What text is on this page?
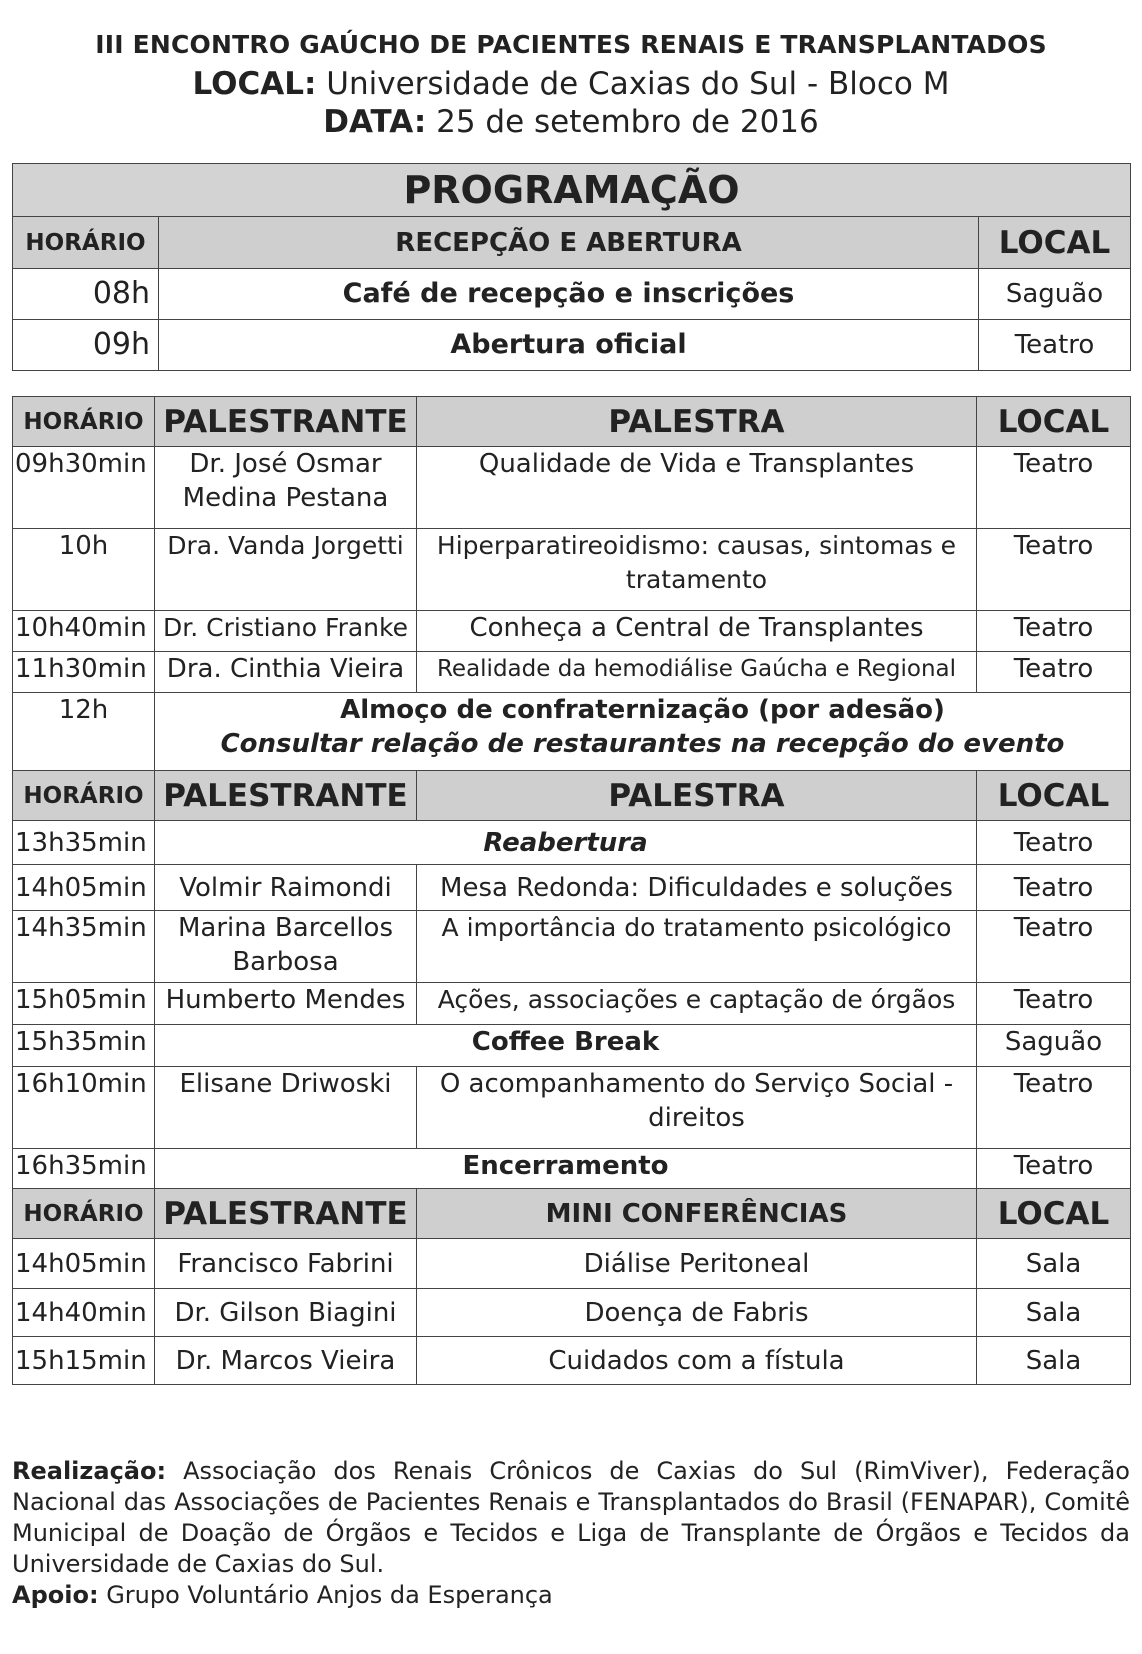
III ENCONTRO GAÚCHO DE PACIENTES RENAIS E TRANSPLANTADOS
LOCAL: Universidade de Caxias do Sul - Bloco M
DATA: 25 de setembro de 2016
PROGRAMAÇÃO		
HORÁRIO	RECEPÇÃO E ABERTURA	LOCAL
08h	Café de recepção e inscrições	Saguão
09h	Abertura oficial	Teatro
HORÁRIO	PALESTRANTE	PALESTRA	LOCAL
09h30min	Dr. José Osmar Medina Pestana	Qualidade de Vida e Transplantes	Teatro
10h	Dra. Vanda Jorgetti	Hiperparatireoidismo: causas, sintomas e tratamento	Teatro
10h40min	Dr. Cristiano Franke	Conheça a Central de Transplantes	Teatro
11h30min	Dra. Cinthia Vieira	Realidade da hemodiálise Gaúcha e Regional	Teatro
12h	Almoço de confraternização (por adesão)
Consultar relação de restaurantes na recepção do evento		

HORÁRIO	PALESTRANTE	PALESTRA	LOCAL
13h35min	Reabertura		Teatro
14h05min	Volmir Raimondi	Mesa Redonda: Dificuldades e soluções	Teatro
14h35min	Marina Barcellos Barbosa	A importância do tratamento psicológico	Teatro
15h05min	Humberto Mendes	Ações, associações e captação de órgãos	Teatro
15h35min	Coffee Break		Saguão
16h10min	Elisane Driwoski	O acompanhamento do Serviço Social - direitos	Teatro
16h35min	Encerramento		Teatro
HORÁRIO	PALESTRANTE	MINI CONFERÊNCIAS	LOCAL
14h05min	Francisco Fabrini	Diálise Peritoneal	Sala
14h40min	Dr. Gilson Biagini	Doença de Fabris	Sala
15h15min	Dr. Marcos Vieira	Cuidados com a fístula	Sala
Realização: Associação dos Renais Crônicos de Caxias do Sul (RimViver), Federação Nacional das Associações de Pacientes Renais e Transplantados do Brasil (FENAPAR), Comitê Municipal de Doação de Órgãos e Tecidos e Liga de Transplante de Órgãos e Tecidos da Universidade de Caxias do Sul.
Apoio: Grupo Voluntário Anjos da Esperança
